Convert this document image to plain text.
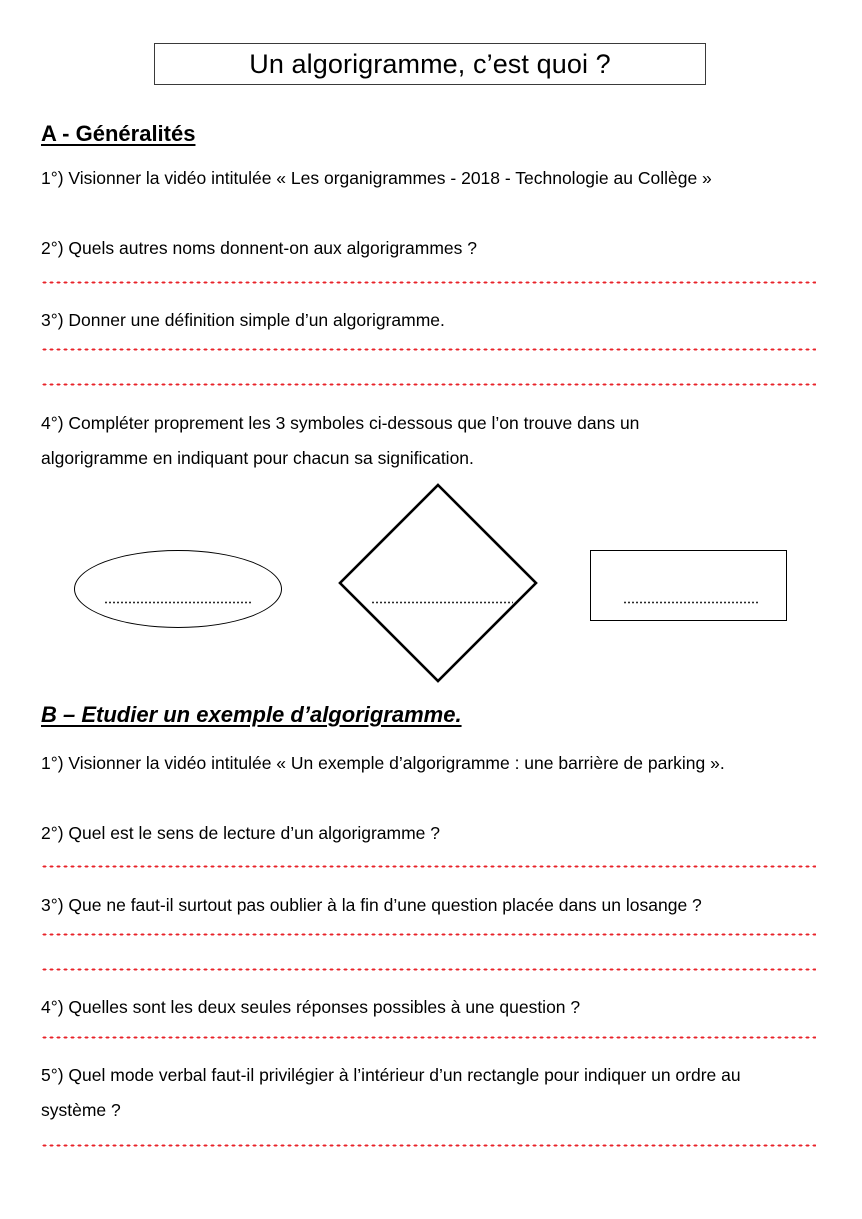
Un algorigramme, c’est quoi ?
A - Généralités
1°) Visionner la vidéo intitulée « Les organigrammes - 2018 - Technologie au Collège »
2°) Quels autres noms donnent-on aux algorigrammes ?
3°) Donner une définition simple d’un algorigramme.
4°) Compléter proprement les 3 symboles ci-dessous que l’on trouve dans un algorigramme en indiquant pour chacun sa signification.
B – Etudier un exemple d’algorigramme.
1°) Visionner la vidéo intitulée « Un exemple d’algorigramme : une barrière de parking ».
2°) Quel est le sens de lecture d’un algorigramme ?
3°) Que ne faut-il surtout pas oublier à la fin d’une question placée dans un losange ?
4°) Quelles sont les deux seules réponses possibles à une question ?
5°) Quel mode verbal faut-il privilégier à l’intérieur d’un rectangle pour indiquer un ordre au système ?
